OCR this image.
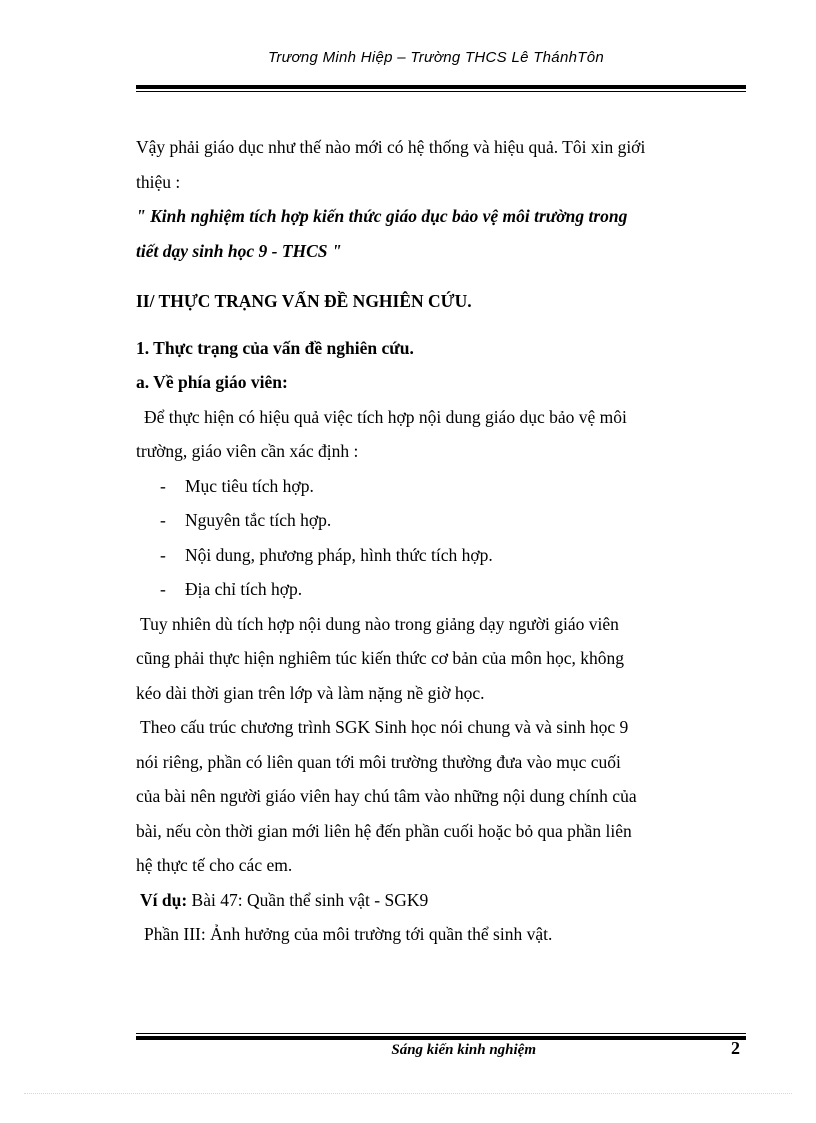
Trương Minh Hiệp – Trường THCS Lê ThánhTôn

Vậy phải giáo dục như thế nào mới có hệ thống và hiệu quả. Tôi xin giới

thiệu :

" Kinh nghiệm tích hợp kiến thức giáo dục bảo vệ môi trường trong

tiết dạy sinh học 9 - THCS "

II/ THỰC TRẠNG VẤN ĐỀ NGHIÊN CỨU.

1. Thực trạng của vấn đề nghiên cứu.

a. Về phía giáo viên:

Để thực hiện có hiệu quả việc tích hợp nội dung giáo dục bảo vệ môi

trường, giáo viên cần xác định :

- Mục tiêu tích hợp.

- Nguyên tắc tích hợp.

- Nội dung, phương pháp, hình thức tích hợp.

- Địa chỉ tích hợp.

Tuy nhiên dù tích hợp nội dung nào trong giảng dạy người giáo viên

cũng phải thực hiện nghiêm túc kiến thức cơ bản của môn học, không

kéo dài thời gian trên lớp và làm nặng nề giờ học.

Theo cấu trúc chương trình SGK Sinh học nói chung và và sinh học 9

nói riêng, phần có liên quan tới môi trường thường đưa vào mục cuối

của bài nên người giáo viên hay chú tâm vào những nội dung chính của

bài, nếu còn thời gian mới liên hệ đến phần cuối hoặc bỏ qua phần liên

hệ thực tế cho các em.

Ví dụ: Bài 47: Quần thể sinh vật - SGK9

Phần III: Ảnh hưởng của môi trường tới quần thể sinh vật.

Sáng kiến kinh nghiệm	2
